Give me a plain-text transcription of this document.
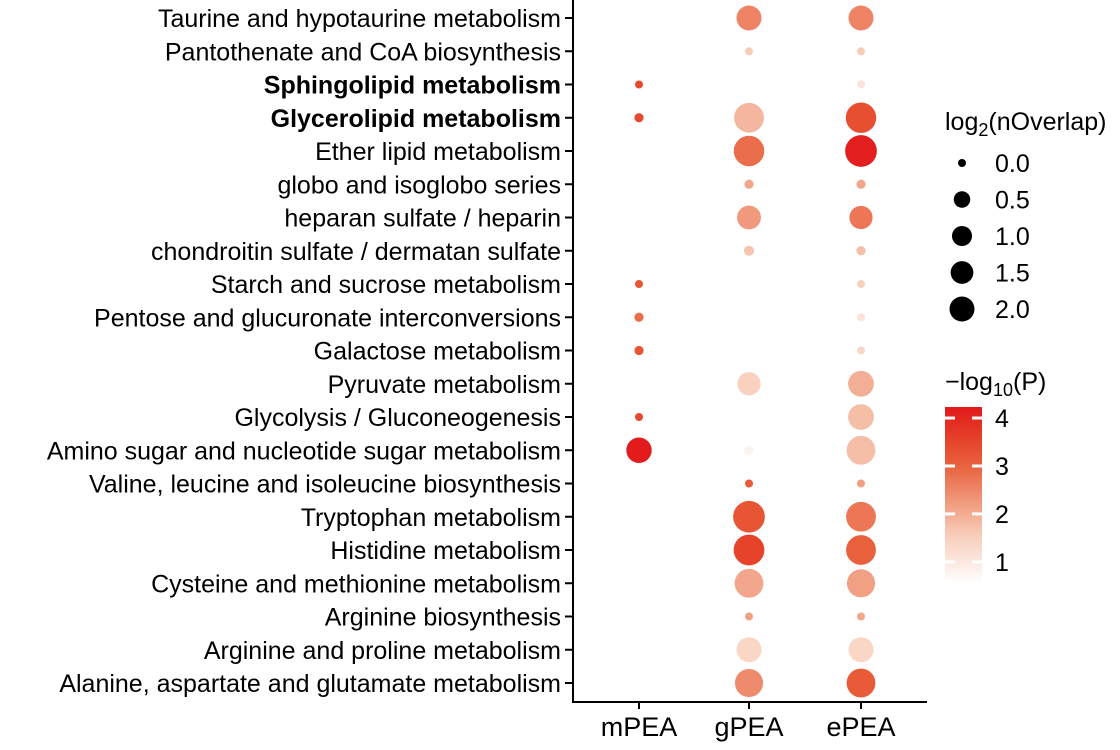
Taurine and hypotaurine metabolism
Pantothenate and CoA biosynthesis
Sphingolipid metabolism
Glycerolipid metabolism
Ether lipid metabolism
globo and isoglobo series
heparan sulfate / heparin
chondroitin sulfate / dermatan sulfate
Starch and sucrose metabolism
Pentose and glucuronate interconversions
Galactose metabolism
Pyruvate metabolism
Glycolysis / Gluconeogenesis
Amino sugar and nucleotide sugar metabolism
Valine, leucine and isoleucine biosynthesis
Tryptophan metabolism
Histidine metabolism
Cysteine and methionine metabolism
Arginine biosynthesis
Arginine and proline metabolism
Alanine, aspartate and glutamate metabolism
mPEA gPEA ePEA
$\log_2(nOverlap)$
0.0
0.5
1.0
1.5
2.0
$-\log_{10}(P)$
4
3
2
1
